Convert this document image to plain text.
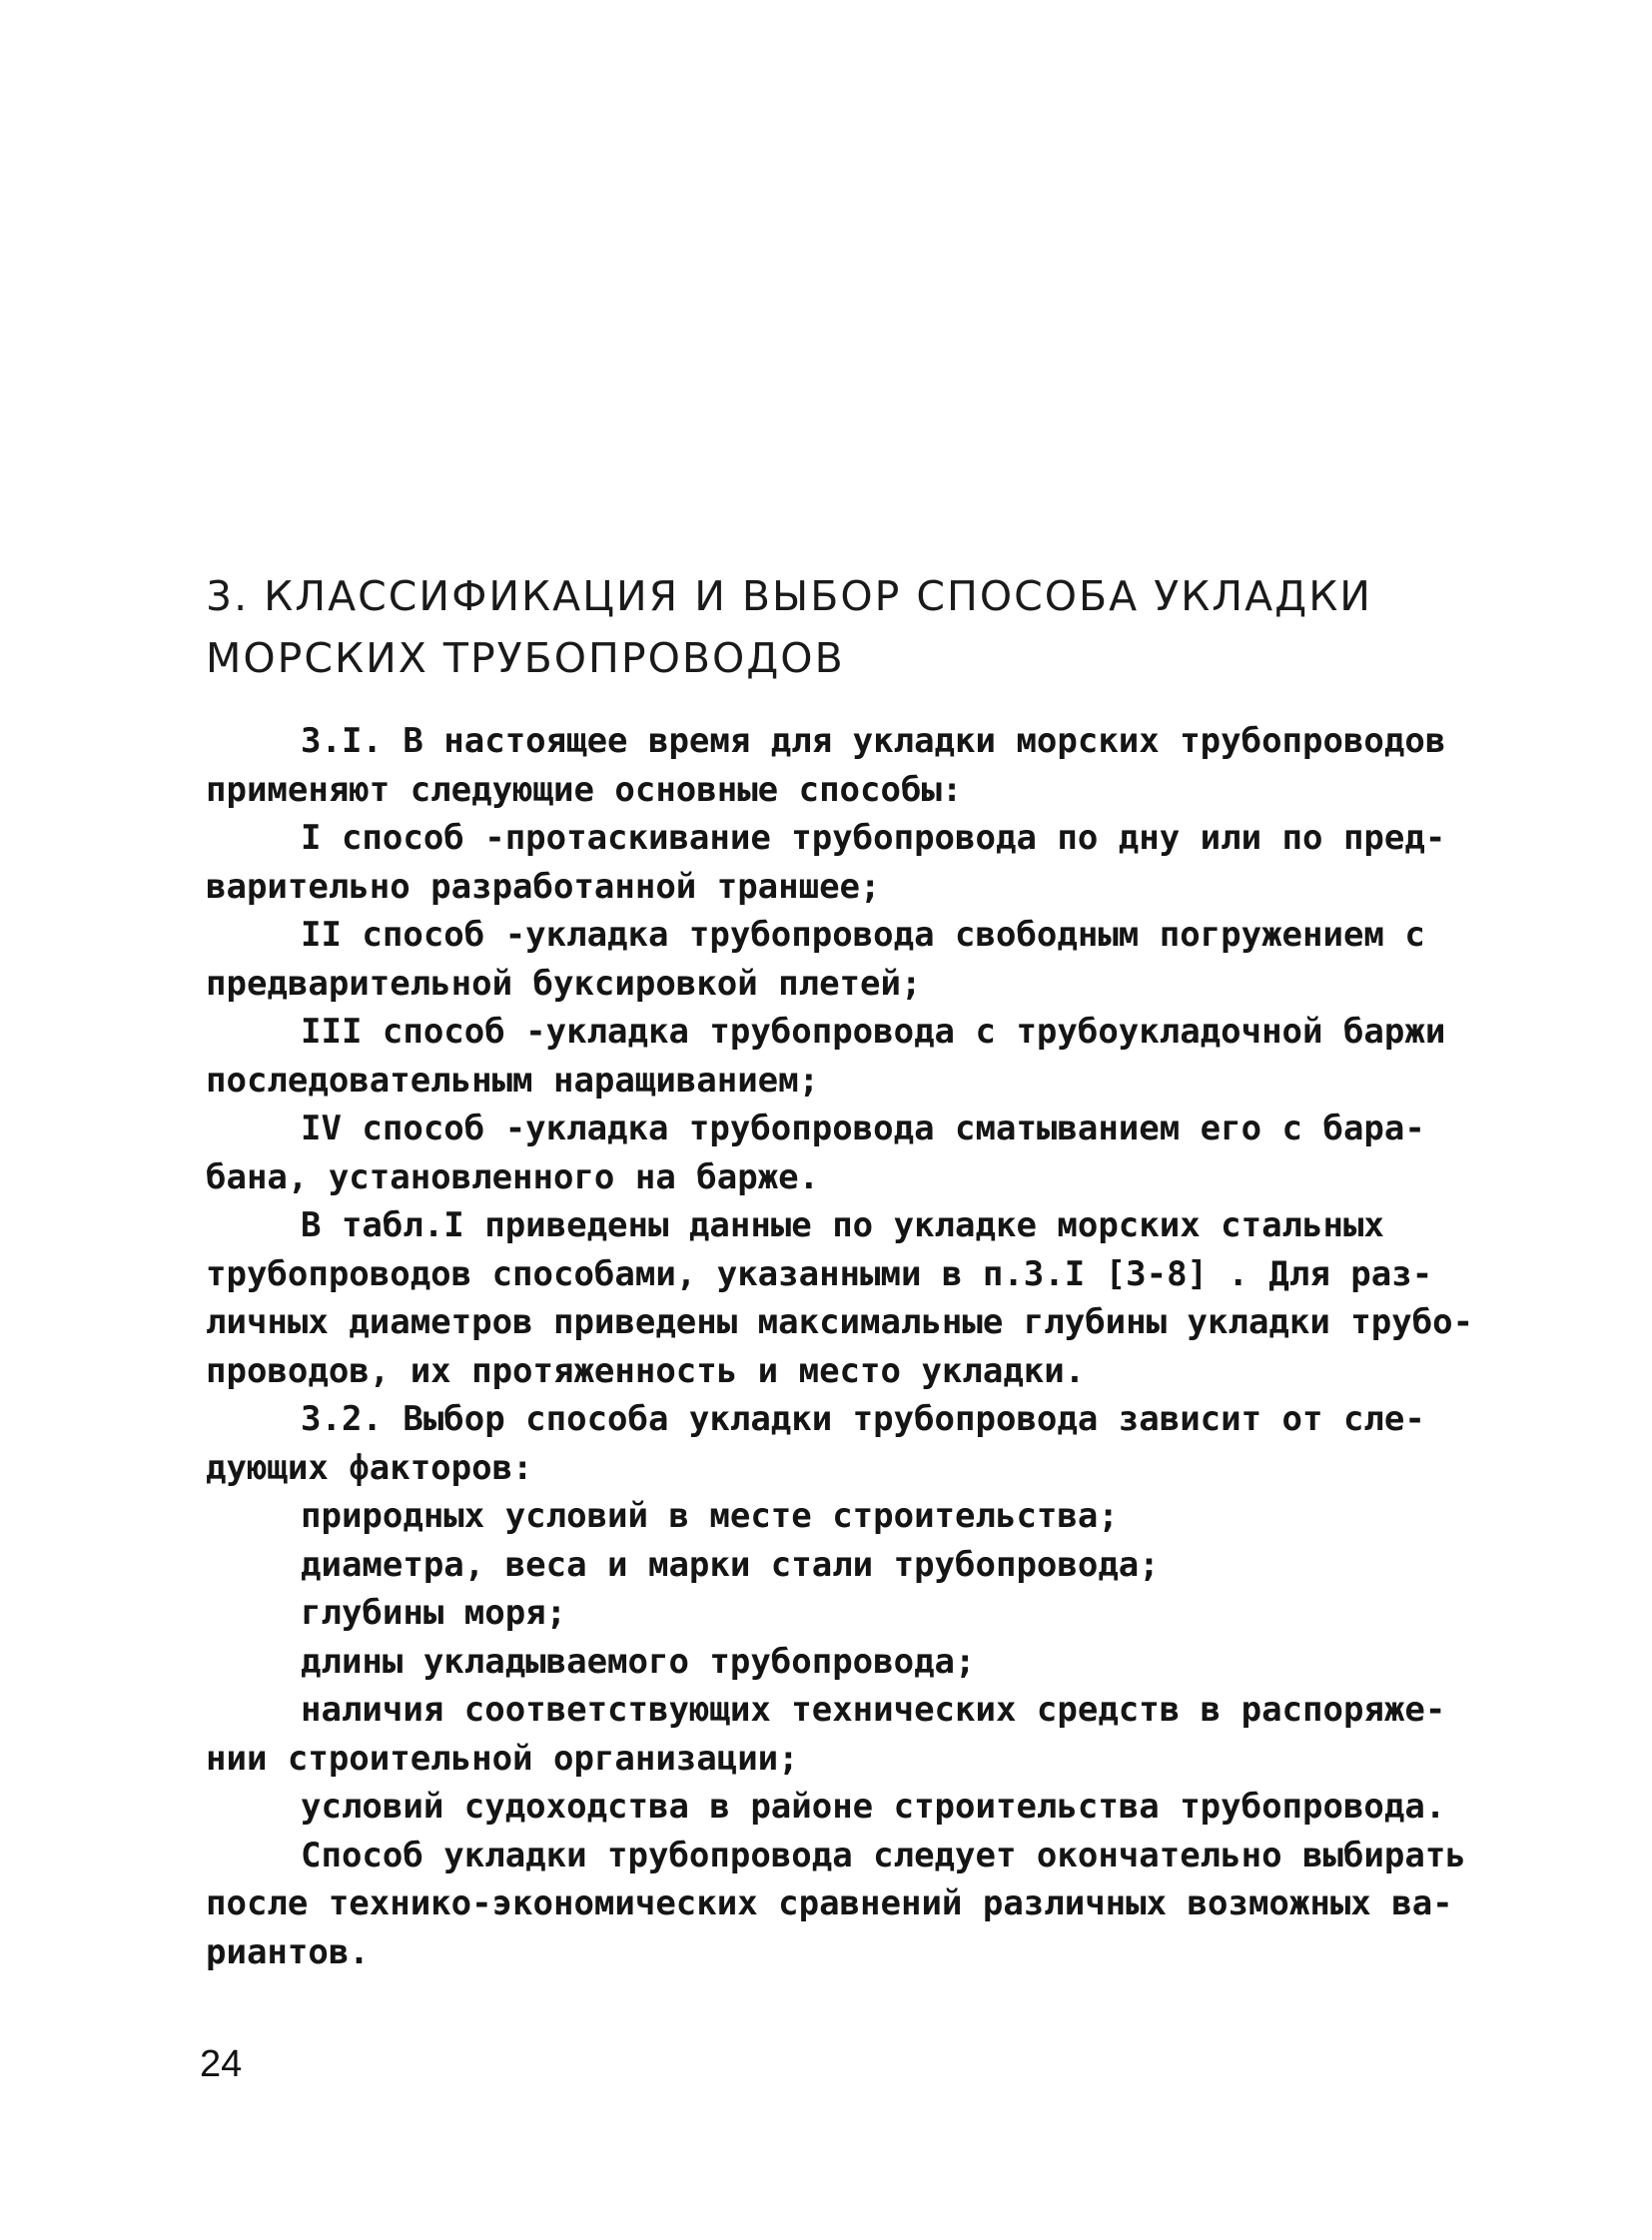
3. КЛАССИФИКАЦИЯ И ВЫБОР СПОСОБА УКЛАДКИ
МОРСКИХ ТРУБОПРОВОДОВ
3.I. В настоящее время для укладки морских трубопроводов
применяют следующие основные способы:
I способ -протаскивание трубопровода по дну или по пред-
варительно разработанной траншее;
II способ -укладка трубопровода свободным погружением с
предварительной буксировкой плетей;
III способ -укладка трубопровода с трубоукладочной баржи
последовательным наращиванием;
IV способ -укладка трубопровода сматыванием его с бара-
бана, установленного на барже.
В табл.I приведены данные по укладке морских стальных
трубопроводов способами, указанными в п.3.I [3-8] . Для раз-
личных диаметров приведены максимальные глубины укладки трубо-
проводов, их протяженность и место укладки.
3.2. Выбор способа укладки трубопровода зависит от сле-
дующих факторов:
природных условий в месте строительства;
диаметра, веса и марки стали трубопровода;
глубины моря;
длины укладываемого трубопровода;
наличия соответствующих технических средств в распоряже-
нии строительной организации;
условий судоходства в районе строительства трубопровода.
Способ укладки трубопровода следует окончательно выбирать
после технико-экономических сравнений различных возможных ва-
риантов.
24
